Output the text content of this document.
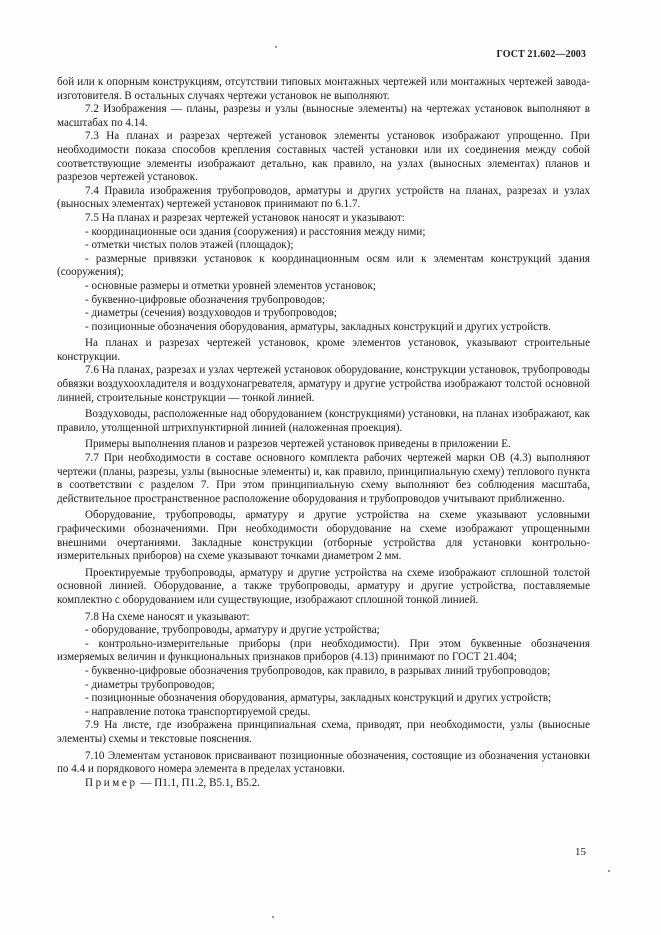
ГОСТ 21.602—2003

бой или к опорным конструкциям, отсутствии типовых монтажных чертежей или монтажных чертежей завода-изготовителя. В остальных случаях чертежи установок не выполняют.

7.2 Изображения — планы, разрезы и узлы (выносные элементы) на чертежах установок выполняют в масштабах по 4.14.

7.3 На планах и разрезах чертежей установок элементы установок изображают упрощенно. При необходимости показа способов крепления составных частей установки или их соединения между собой соответствующие элементы изображают детально, как правило, на узлах (выносных элементах) планов и разрезов чертежей установок.

7.4 Правила изображения трубопроводов, арматуры и других устройств на планах, разрезах и узлах (выносных элементах) чертежей установок принимают по 6.1.7.

7.5 На планах и разрезах чертежей установок наносят и указывают:

- координационные оси здания (сооружения) и расстояния между ними;

- отметки чистых полов этажей (площадок);

- размерные привязки установок к координационным осям или к элементам конструкций здания (сооружения);

- основные размеры и отметки уровней элементов установок;

- буквенно-цифровые обозначения трубопроводов;

- диаметры (сечения) воздуховодов и трубопроводов;

- позиционные обозначения оборудования, арматуры, закладных конструкций и других устройств.

На планах и разрезах чертежей установок, кроме элементов установок, указывают строительные конструкции.

7.6 На планах, разрезах и узлах чертежей установок оборудование, конструкции установок, трубопроводы обвязки воздухоохладителя и воздухонагревателя, арматуру и другие устройства изображают толстой основной линией, строительные конструкции — тонкой линией.

Воздуховоды, расположенные над оборудованием (конструкциями) установки, на планах изображают, как правило, утолщенной штрихпунктирной линией (наложенная проекция).

Примеры выполнения планов и разрезов чертежей установок приведены в приложении Е.

7.7 При необходимости в составе основного комплекта рабочих чертежей марки ОВ (4.3) выполняют чертежи (планы, разрезы, узлы (выносные элементы) и, как правило, принципиальную схему) теплового пункта в соответствии с разделом 7. При этом принципиальную схему выполняют без соблюдения масштаба, действительное пространственное расположение оборудования и трубопроводов учитывают приближенно.

Оборудование, трубопроводы, арматуру и другие устройства на схеме указывают условными графическими обозначениями. При необходимости оборудование на схеме изображают упрощенными внешними очертаниями. Закладные конструкции (отборные устройства для установки контрольно-измерительных приборов) на схеме указывают точками диаметром 2 мм.

Проектируемые трубопроводы, арматуру и другие устройства на схеме изображают сплошной толстой основной линией. Оборудование, а также трубопроводы, арматуру и другие устройства, поставляемые комплектно с оборудованием или существующие, изображают сплошной тонкой линией.

7.8 На схеме наносят и указывают:

- оборудование, трубопроводы, арматуру и другие устройства;

- контрольно-измерительные приборы (при необходимости). При этом буквенные обозначения измеряемых величин и функциональных признаков приборов (4.13) принимают по ГОСТ 21.404;

- буквенно-цифровые обозначения трубопроводов, как правило, в разрывах линий трубопроводов;

- диаметры трубопроводов;

- позиционные обозначения оборудования, арматуры, закладных конструкций и других устройств;

- направление потока транспортируемой среды.

7.9 На листе, где изображена принципиальная схема, приводят, при необходимости, узлы (выносные элементы) схемы и текстовые пояснения.

7.10 Элементам установок присваивают позиционные обозначения, состоящие из обозначения установки по 4.4 и порядкового номера элемента в пределах установки.

Пример — П1.1, П1.2, В5.1, В5.2.

15
